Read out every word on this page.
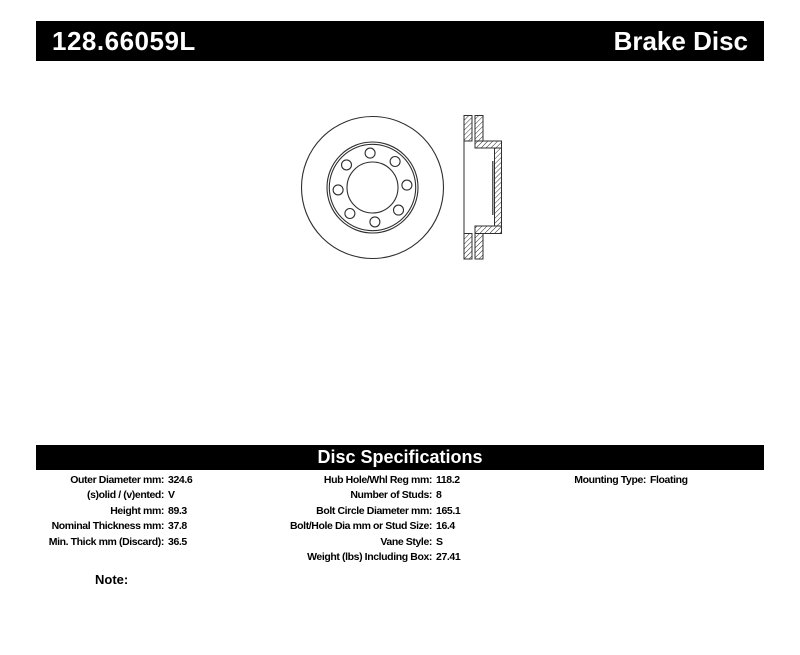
128.66059L	Brake Disc
Disc Specifications
Outer Diameter mm: 324.6
(s)olid / (v)ented: V
Height mm: 89.3
Nominal Thickness mm: 37.8
Min. Thick mm (Discard): 36.5
Hub Hole/Whl Reg mm: 118.2
Number of Studs: 8
Bolt Circle Diameter mm: 165.1
Bolt/Hole Dia mm or Stud Size: 16.4
Vane Style: S
Weight (lbs) Including Box: 27.41
Mounting Type: Floating
Note:
